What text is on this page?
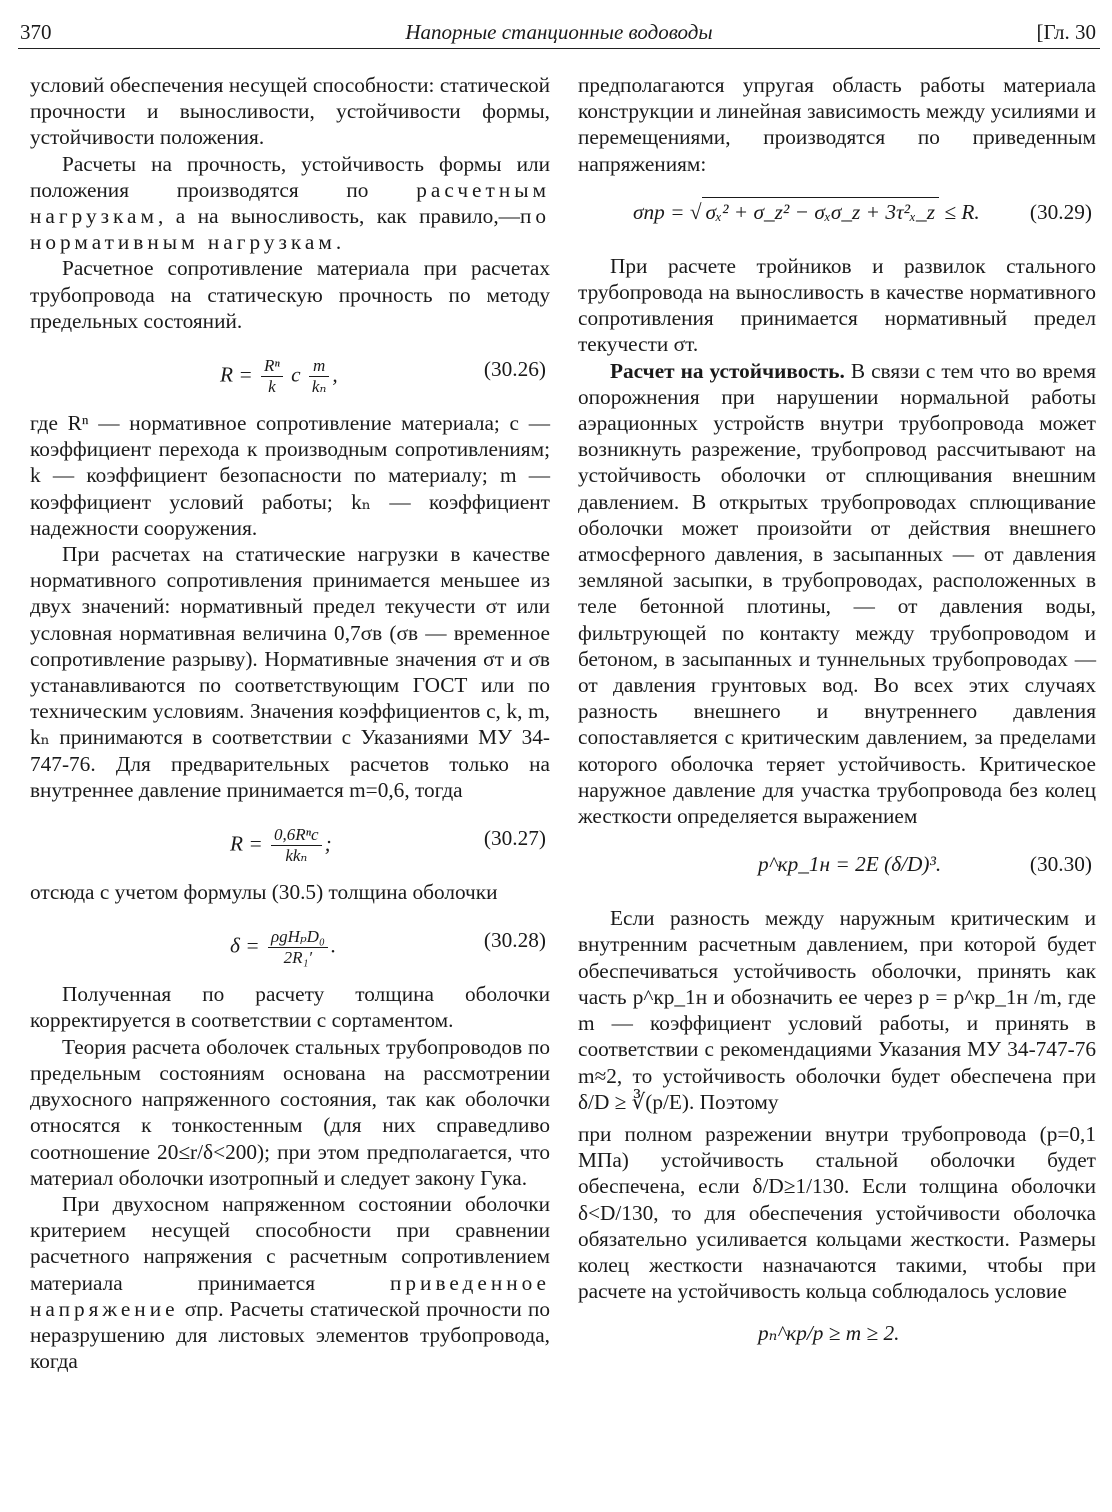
370	Напорные станционные водоводы	[Гл. 30

условий обеспечения несущей способности: статической прочности и выносливости, устойчивости формы, устойчивости положения.

Расчеты на прочность, устойчивость формы или положения производятся по расчетным нагрузкам, а на выносливость, как правило,—по нормативным нагрузкам.

Расчетное сопротивление материала при расчетах трубопровода на статическую прочность по методу предельных состояний.

$R = \frac{\text{Rⁿ}}{k}$ c $\frac{m}{\text{kₙ}}$ ,	(30.26)

где Rⁿ — нормативное сопротивление материала; c — коэффициент перехода к производным сопротивлениям; k — коэффициент безопасности по материалу; m — коэффициент условий работы; kₙ — коэффициент надежности сооружения.

При расчетах на статические нагрузки в качестве нормативного сопротивления принимается меньшее из двух значений: нормативный предел текучести σт или условная нормативная величина 0,7σв (σв — временное сопротивление разрыву). Нормативные значения σт и σв устанавливаются по соответствующим ГОСТ или по техническим условиям. Значения коэффициентов c, k, m, kₙ принимаются в соответствии с Указаниями МУ 34-747-76. Для предварительных расчетов только на внутреннее давление принимается m=0,6, тогда

$R = \frac{\text{0,6Rⁿc}}{\text{kkₙ}}$ ;	(30.27)

отсюда с учетом формулы (30.5) толщина оболочки

$\delta = \frac{\text{ρgHₚD₀}}{\text{2R₁′}}$ .	(30.28)

Полученная по расчету толщина оболочки корректируется в соответствии с сортаментом.

Теория расчета оболочек стальных трубопроводов по предельным состояниям основана на рассмотрении двухосного напряженного состояния, так как оболочки относятся к тонкостенным (для них справедливо соотношение 20≤r/δ<200); при этом предполагается, что материал оболочки изотропный и следует закону Гука.

При двухосном напряженном состоянии оболочки критерием несущей способности при сравнении расчетного напряжения с расчетным сопротивлением материала принимается приведенное напряжение σпр. Расчеты статической прочности по неразрушению для листовых элементов трубопровода, когда

предполагаются упругая область работы материала конструкции и линейная зависимость между усилиями и перемещениями, производятся по приведенным напряжениям:

σпр = √ σₓ² + σ_z² − σₓσ_z + 3τ²ₓ_z ≤ R. (30.29)

При расчете тройников и развилок стального трубопровода на выносливость в качестве нормативного сопротивления принимается нормативный предел текучести σт.

Расчет на устойчивость. В связи с тем что во время опорожнения при нарушении нормальной работы аэрационных устройств внутри трубопровода может возникнуть разрежение, трубопровод рассчитывают на устойчивость оболочки от сплющивания внешним давлением. В открытых трубопроводах сплющивание оболочки может произойти от действия внешнего атмосферного давления, в засыпанных — от давления земляной засыпки, в трубопроводах, расположенных в теле бетонной плотины, — от давления воды, фильтрующей по контакту между трубопроводом и бетоном, в засыпанных и туннельных трубопроводах — от давления грунтовых вод. Во всех этих случаях разность внешнего и внутреннего давления сопоставляется с критическим давлением, за пределами которого оболочка теряет устойчивость. Критическое наружное давление для участка трубопровода без колец жесткости определяется выражением

p^кр_1н = 2E (δ/D)³.	(30.30)

Если разность между наружным критическим и внутренним расчетным давлением, при которой будет обеспечиваться устойчивость оболочки, принять как часть p^кр_1н и обозначить ее через p = p^кр_1н /m, где m — коэффициент условий работы, и принять в соответствии с рекомендациями Указания МУ 34-747-76 m≈2, то устойчивость оболочки будет обеспечена при δ/D ≥ ∛(p/E). Поэтому

при полном разрежении внутри трубопровода (p=0,1 МПа) устойчивость стальной оболочки будет обеспечена, если δ/D≥1/130. Если толщина оболочки δ<D/130, то для обеспечения устойчивости оболочка обязательно усиливается кольцами жесткости. Размеры колец жесткости назначаются такими, чтобы при расчете на устойчивость кольца соблюдалось условие

pₙ^кр/p ≥ m ≥ 2.
